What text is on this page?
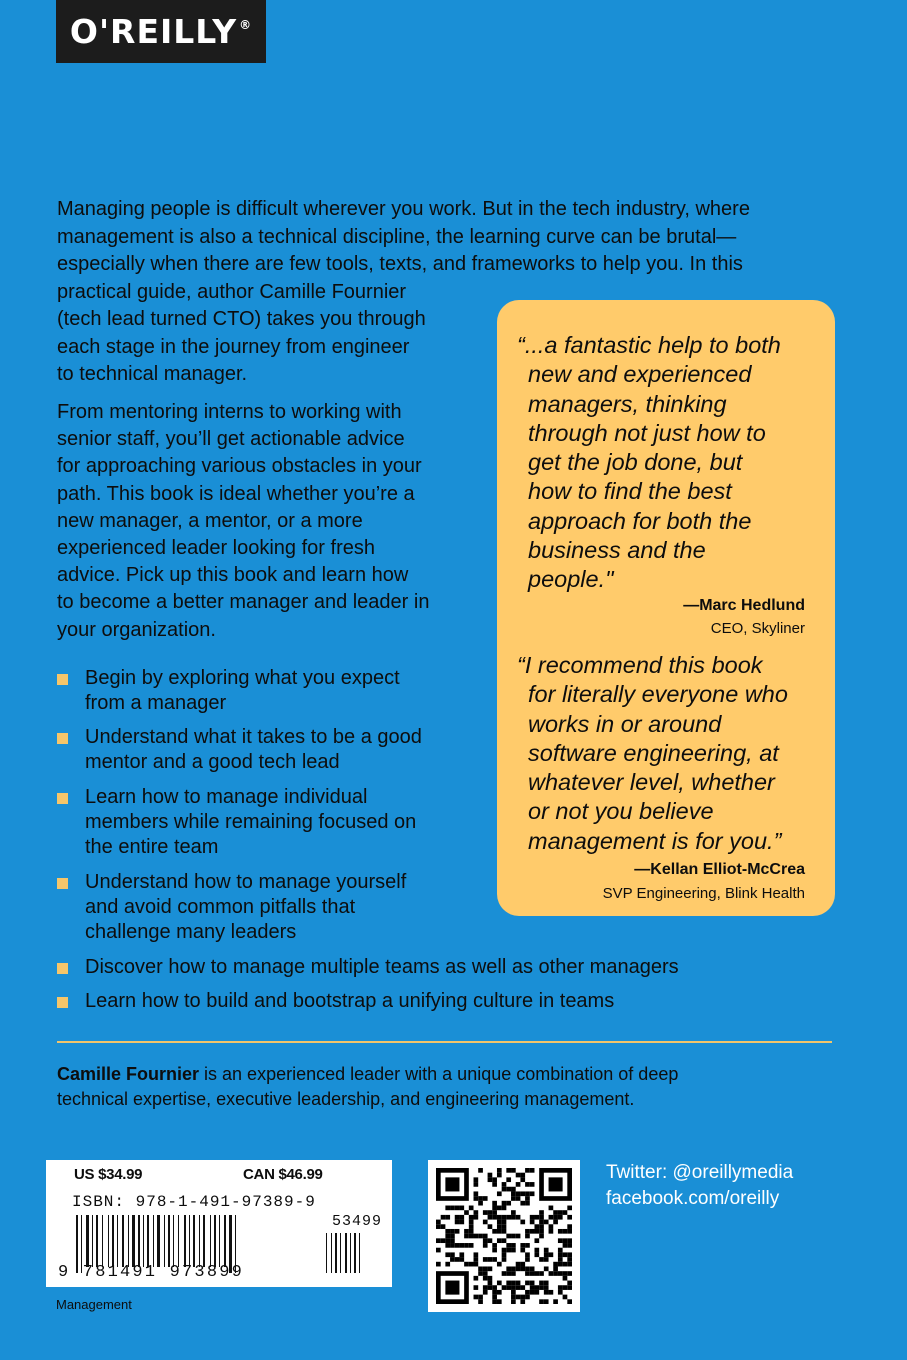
O'REILLY®

Managing people is difficult wherever you work. But in the tech industry, where
management is also a technical discipline, the learning curve can be brutal—
especially when there are few tools, texts, and frameworks to help you. In this
practical guide, author Camille Fournier
(tech lead turned CTO) takes you through
each stage in the journey from engineer
to technical manager.

From mentoring interns to working with
senior staff, you’ll get actionable advice
for approaching various obstacles in your
path. This book is ideal whether you’re a
new manager, a mentor, or a more
experienced leader looking for fresh
advice. Pick up this book and learn how
to become a better manager and leader in
your organization.

“...a fantastic help to both
new and experienced
managers, thinking
through not just how to
get the job done, but
how to find the best
approach for both the
business and the
people."

—Marc Hedlund
CEO, Skyliner

“I recommend this book
for literally everyone who
works in or around
software engineering, at
whatever level, whether
or not you believe
management is for you.”

—Kellan Elliot-McCrea
SVP Engineering, Blink Health
Begin by exploring what you expect
from a manager
Understand what it takes to be a good
mentor and a good tech lead
Learn how to manage individual
members while remaining focused on
the entire team
Understand how to manage yourself
and avoid common pitfalls that
challenge many leaders
Discover how to manage multiple teams as well as other managers
Learn how to build and bootstrap a unifying culture in teams

Camille Fournier is an experienced leader with a unique combination of deep
technical expertise, executive leadership, and engineering management.

US $34.99	CAN $46.99
ISBN: 978-1-491-97389-9
53499
9 781491 973899
Management
Twitter: @oreillymedia
facebook.com/oreilly
